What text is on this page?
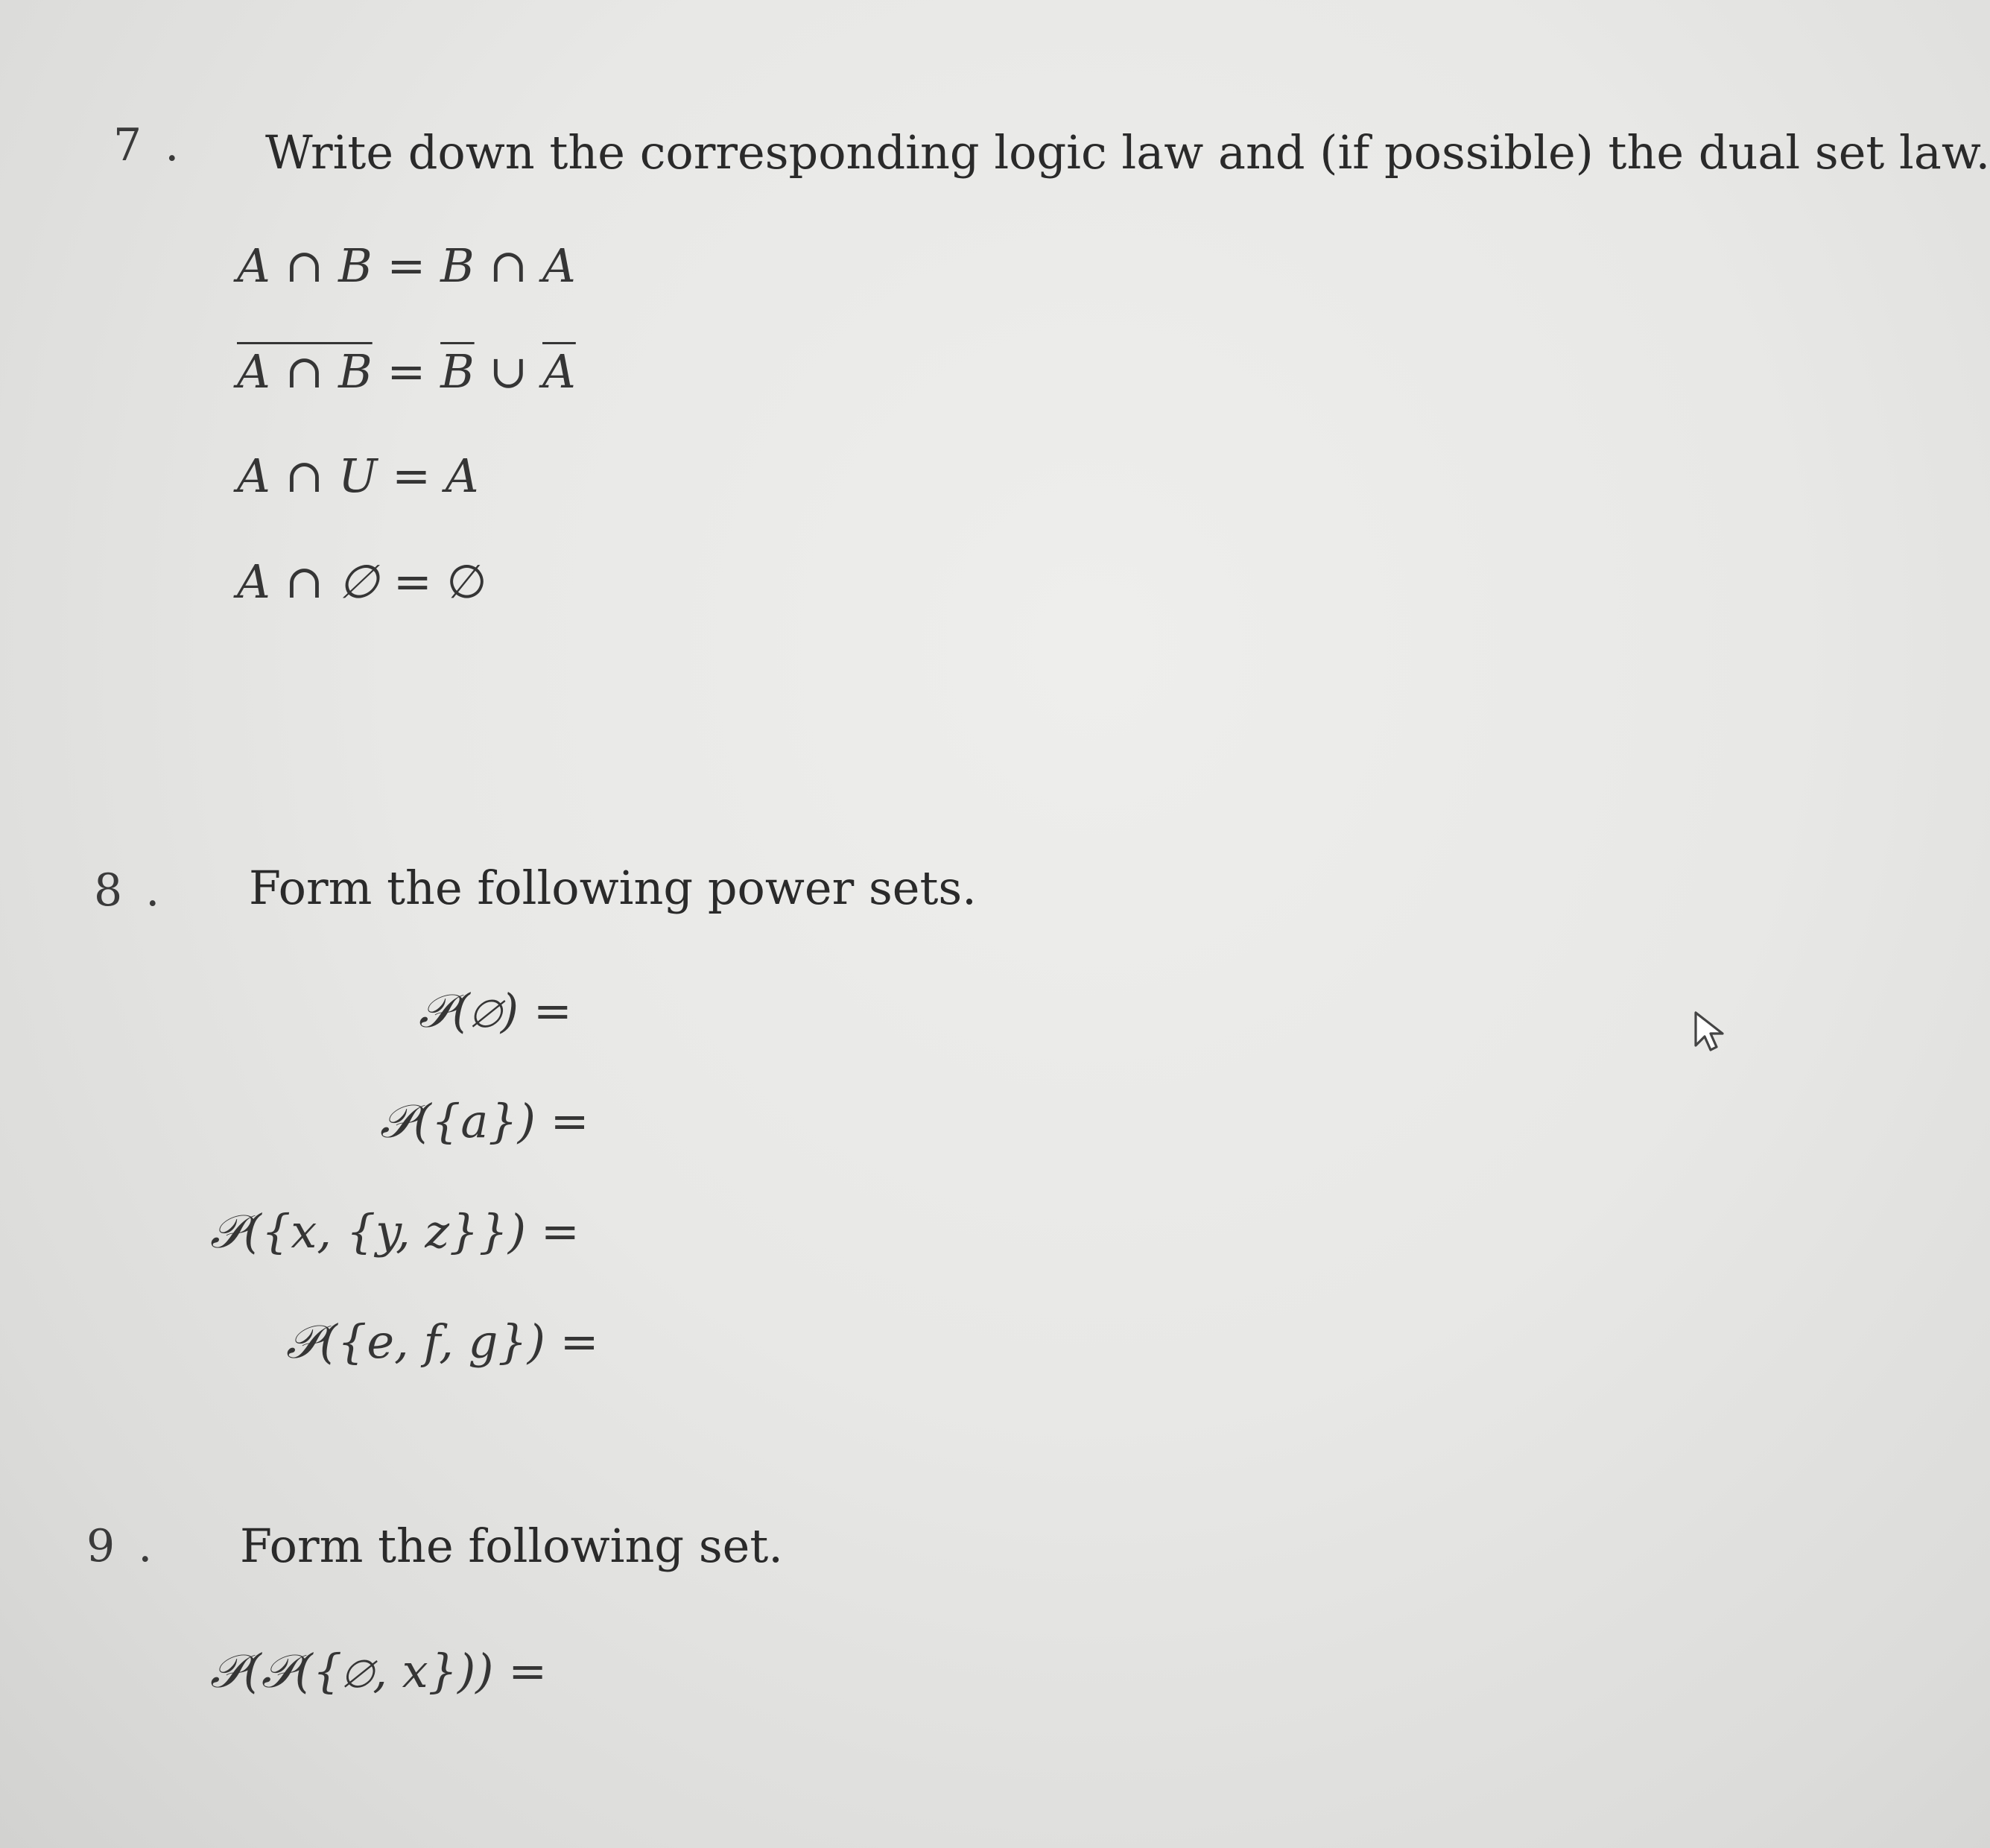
7 . Write down the corresponding logic law and (if possible) the dual set law.
A ∩ B = B ∩ A
A ∩ $B = \overline{B}$ ∪ $\overline{A}$
A ∩ U = A
A ∩ ∅ = ∅
8 . Form the following power sets.
𝒫(∅) =
𝒫({a}) =
𝒫({x, {y, z}}) =
𝒫({e, f, g}) =
9 . Form the following set.
𝒫(𝒫({∅, x})) =
